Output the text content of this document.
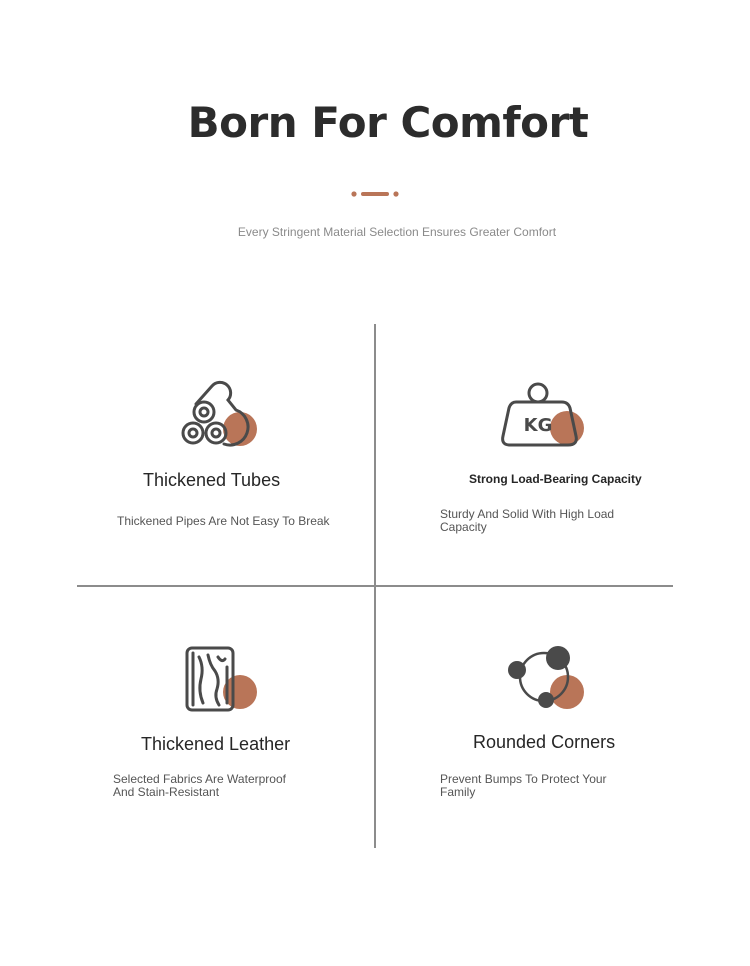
Born For Comfort

Every Stringent Material Selection Ensures Greater Comfort

Thickened Tubes

Thickened Pipes Are Not Easy To Break

KG

Strong Load-Bearing Capacity

Sturdy And Solid With High Load Capacity

Thickened Leather

Selected Fabrics Are Waterproof And Stain-Resistant

Rounded Corners

Prevent Bumps To Protect Your Family
